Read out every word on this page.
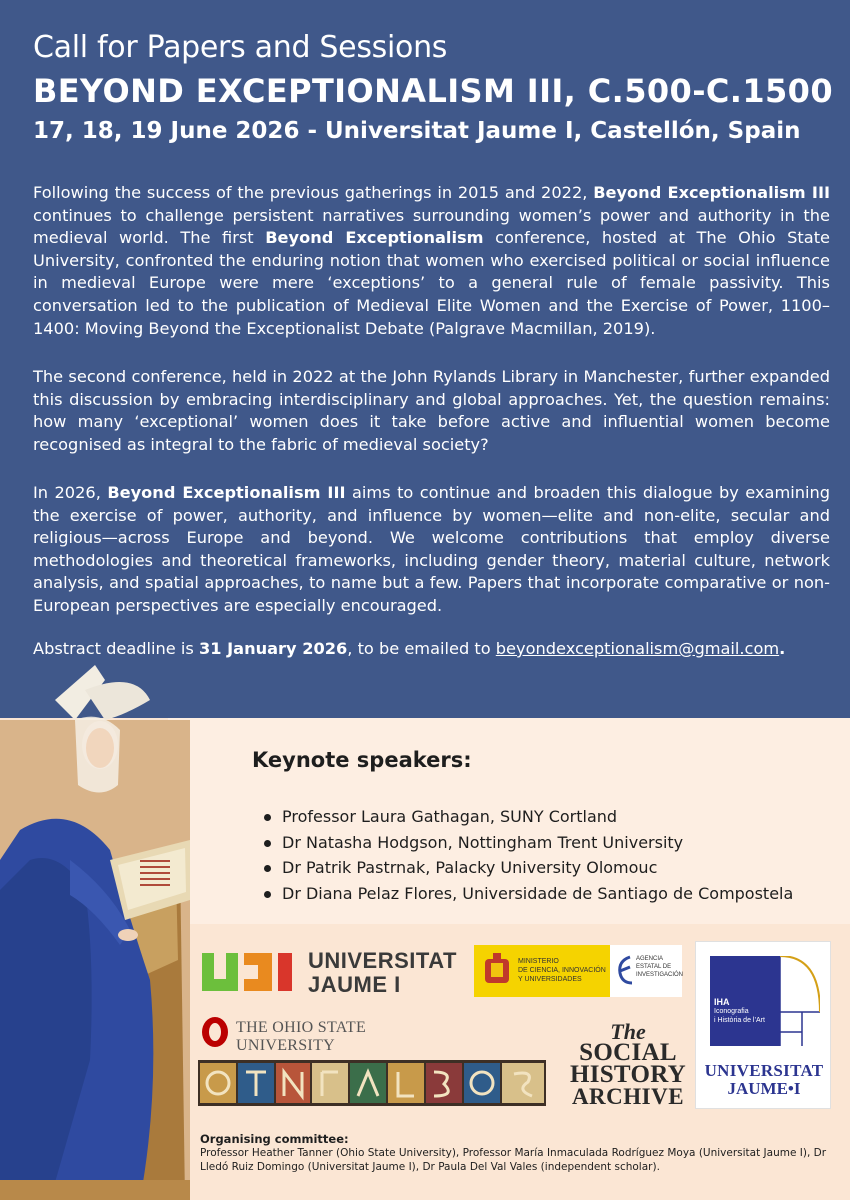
Call for Papers and Sessions
BEYOND EXCEPTIONALISM III, C.500-C.1500
17, 18, 19 June 2026 - Universitat Jaume I, Castellón, Spain

Following the success of the previous gatherings in 2015 and 2022, Beyond Exceptionalism III continues to challenge persistent narratives surrounding women’s power and authority in the medieval world. The first Beyond Exceptionalism conference, hosted at The Ohio State University, confronted the enduring notion that women who exercised political or social influence in medieval Europe were mere ‘exceptions’ to a general rule of female passivity. This conversation led to the publication of Medieval Elite Women and the Exercise of Power, 1100–1400: Moving Beyond the Exceptionalist Debate (Palgrave Macmillan, 2019).

The second conference, held in 2022 at the John Rylands Library in Manchester, further expanded this discussion by embracing interdisciplinary and global approaches. Yet, the question remains: how many ‘exceptional’ women does it take before active and influential women become recognised as integral to the fabric of medieval society?

In 2026, Beyond Exceptionalism III aims to continue and broaden this dialogue by examining the exercise of power, authority, and influence by women—elite and non-elite, secular and religious—across Europe and beyond. We welcome contributions that employ diverse methodologies and theoretical frameworks, including gender theory, material culture, network analysis, and spatial approaches, to name but a few. Papers that incorporate comparative or non-European perspectives are especially encouraged.

Abstract deadline is 31 January 2026, to be emailed to beyondexceptionalism@gmail.com.

Keynote speakers:
Professor Laura Gathagan, SUNY Cortland
Dr Natasha Hodgson, Nottingham Trent University
Dr Patrik Pastrnak, Palacky University Olomouc
Dr Diana Pelaz Flores, Universidade de Santiago de Compostela
UNIVERSITAT
JAUME I
MINISTERIO
DE CIENCIA, INNOVACIÓN
Y UNIVERSIDADES
AGENCIA
ESTATAL DE
INVESTIGACIÓN
THE OHIO STATE UNIVERSITY
The
SOCIAL
HISTORY
ARCHIVE
IHA
Iconografia
i Història de l’Art
UNIVERSITAT
JAUME•I
Organising committee:
Professor Heather Tanner (Ohio State University), Professor María Inmaculada Rodríguez Moya (Universitat Jaume I), Dr Lledó Ruiz Domingo (Universitat Jaume I), Dr Paula Del Val Vales (independent scholar).
